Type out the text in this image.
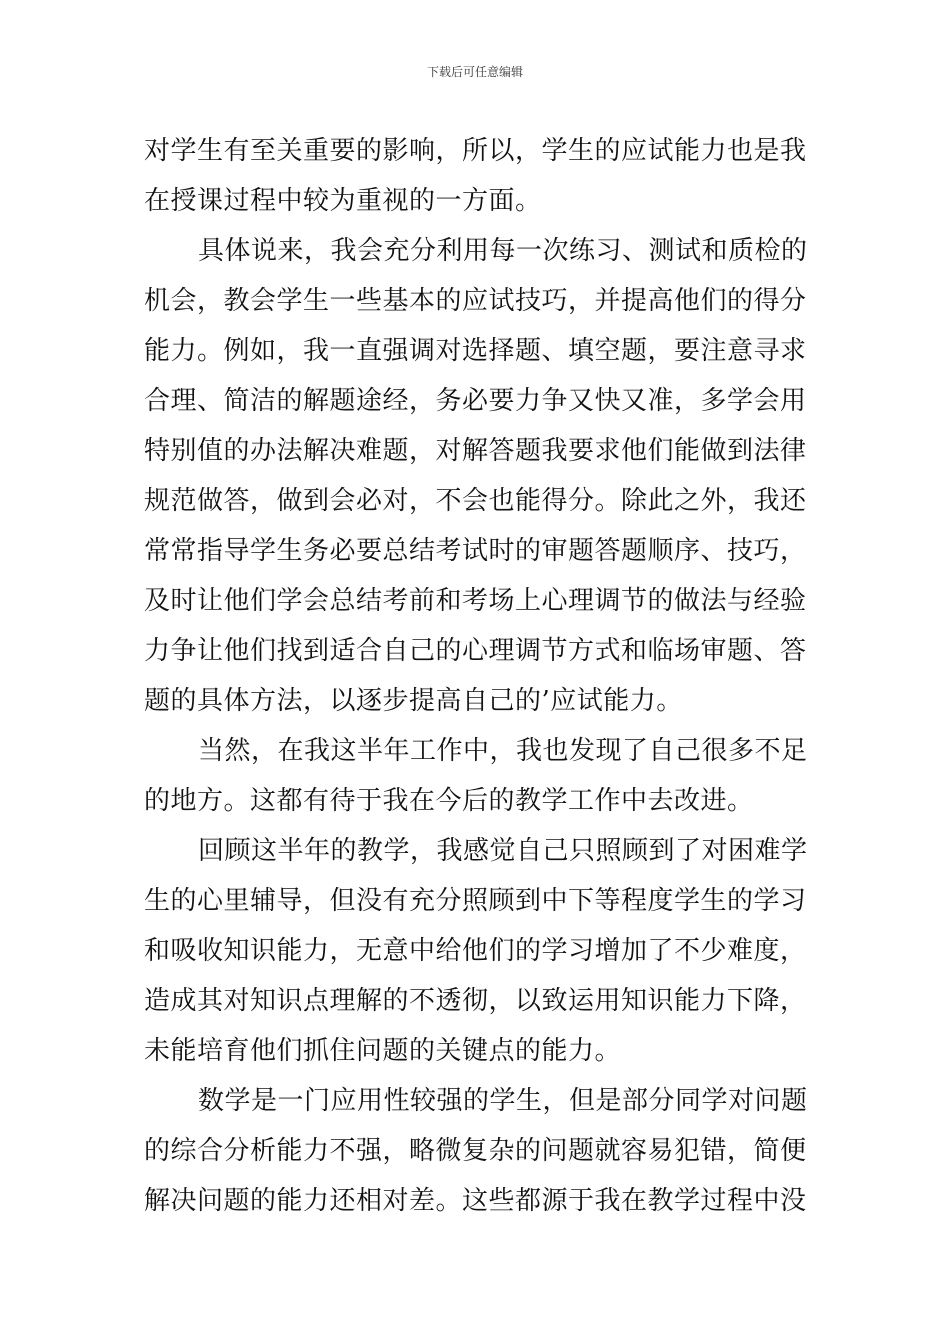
下载后可任意编辑
对学生有至关重要的影响，所以，学生的应试能力也是我
在授课过程中较为重视的一方面。
具体说来，我会充分利用每一次练习、测试和质检的
机会，教会学生一些基本的应试技巧，并提高他们的得分
能力。例如，我一直强调对选择题、填空题，要注意寻求
合理、简洁的解题途经，务必要力争又快又准，多学会用
特别值的办法解决难题，对解答题我要求他们能做到法律
规范做答，做到会必对，不会也能得分。除此之外，我还
常常指导学生务必要总结考试时的审题答题顺序、技巧，
及时让他们学会总结考前和考场上心理调节的做法与经验
力争让他们找到适合自己的心理调节方式和临场审题、答
题的具体方法，以逐步提高自己的’应试能力。
当然，在我这半年工作中，我也发现了自己很多不足
的地方。这都有待于我在今后的教学工作中去改进。
回顾这半年的教学，我感觉自己只照顾到了对困难学
生的心里辅导，但没有充分照顾到中下等程度学生的学习
和吸收知识能力，无意中给他们的学习增加了不少难度，
造成其对知识点理解的不透彻，以致运用知识能力下降，
未能培育他们抓住问题的关键点的能力。
数学是一门应用性较强的学生，但是部分同学对问题
的综合分析能力不强，略微复杂的问题就容易犯错，简便
解决问题的能力还相对差。这些都源于我在教学过程中没
